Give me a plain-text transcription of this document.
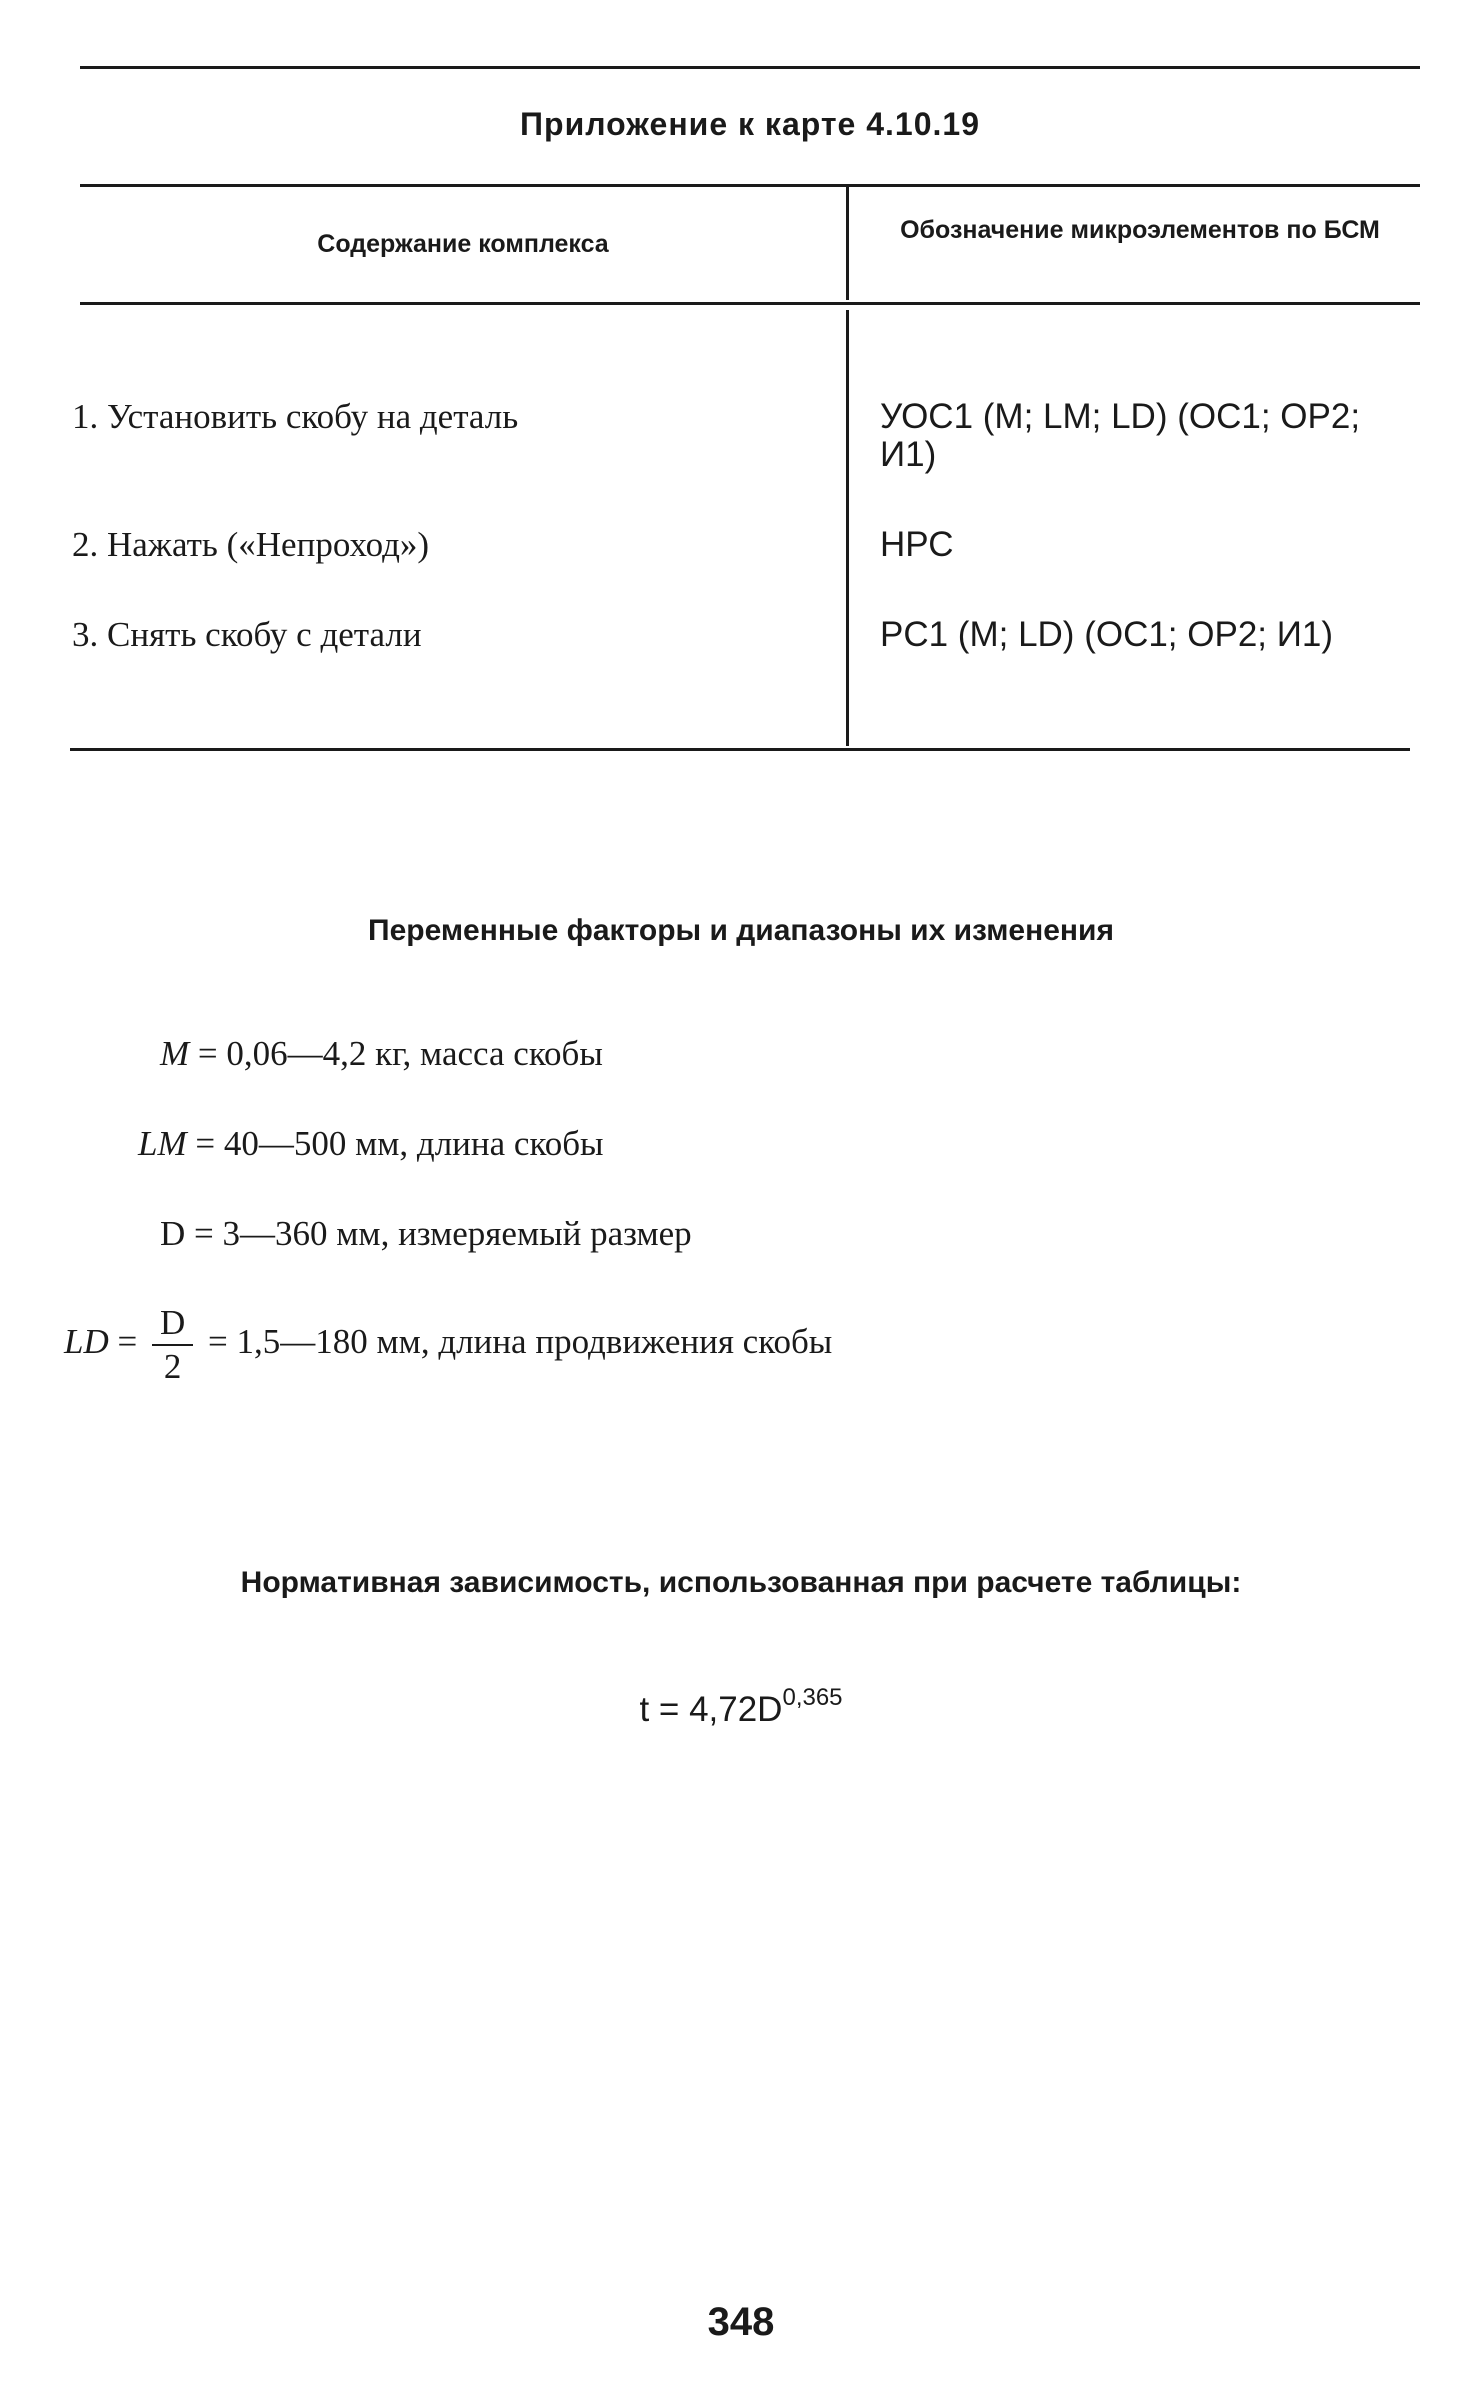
Приложение к карте 4.10.19
Содержание комплекса	Обозначение микроэлементов по БСМ
1. Установить скобу на деталь	УОС1 (M; LM; LD) (ОС1; ОР2; И1)
2. Нажать («Непроход»)	НРС
3. Снять скобу с детали	PC1 (M; LD) (ОС1; ОР2; И1)
Переменные факторы и диапазоны их изменения
M = 0,06—4,2 кг, масса скобы
LM = 40—500 мм, длина скобы
D = 3—360 мм, измеряемый размер
LD = $\frac{D}{2}$ = 1,5—180 мм, длина продвижения скобы
Нормативная зависимость, использованная при расчете таблицы:
$t = 4,72D^{0,365}$
348
